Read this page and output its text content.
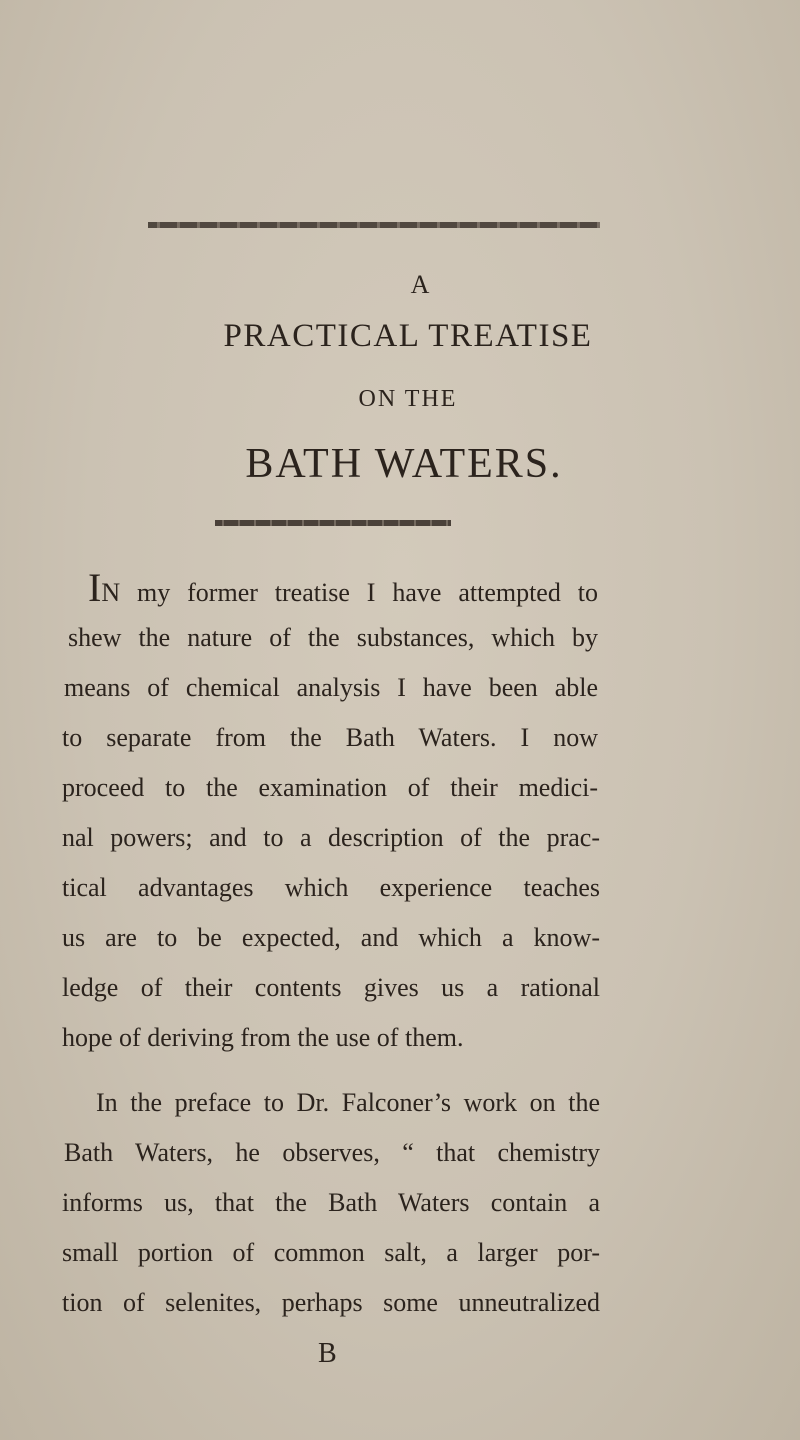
A
PRACTICAL TREATISE
ON THE
BATH WATERS.
IN my former treatise I have attempted to
shew the nature of the substances, which by
means of chemical analysis I have been able
to separate from the Bath Waters. I now
proceed to the examination of their medici-
nal powers; and to a description of the prac-
tical advantages which experience teaches
us are to be expected, and which a know-
ledge of their contents gives us a rational
hope of deriving from the use of them.
In the preface to Dr. Falconer’s work on the
Bath Waters, he observes, “ that chemistry
informs us, that the Bath Waters contain a
small portion of common salt, a larger por-
tion of selenites, perhaps some unneutralized
B
